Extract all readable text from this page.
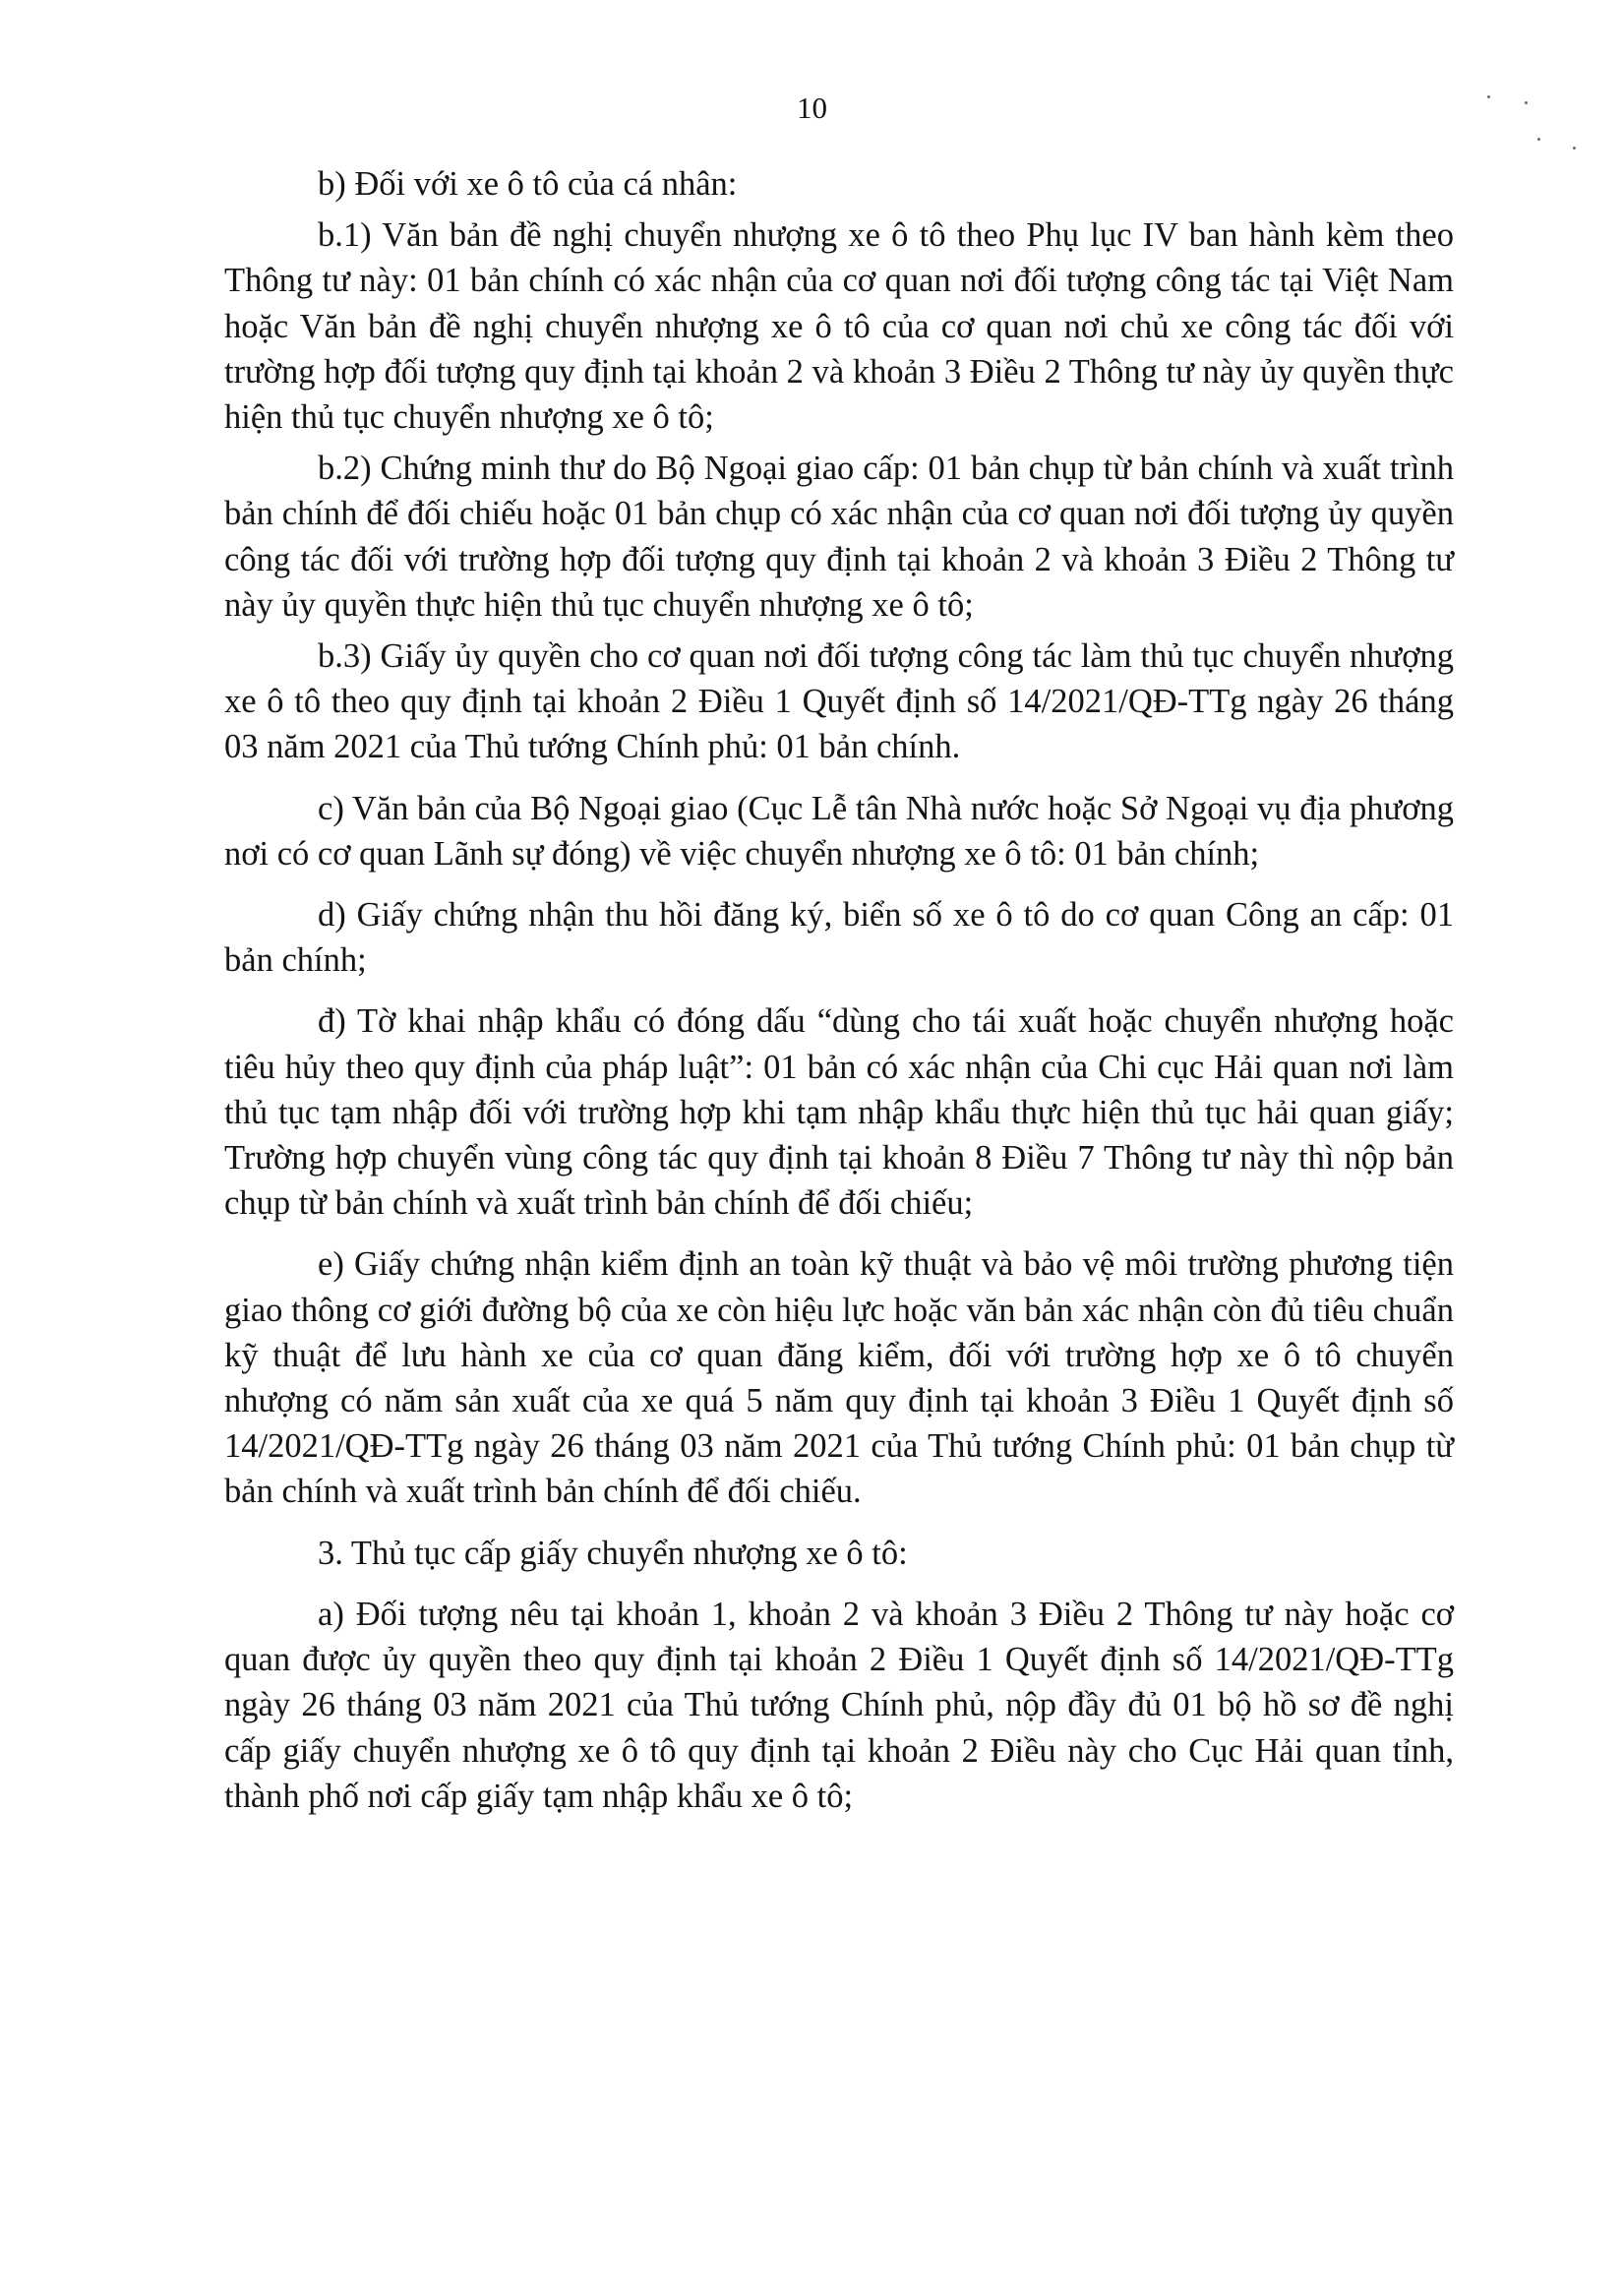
10

b) Đối với xe ô tô của cá nhân:

b.1) Văn bản đề nghị chuyển nhượng xe ô tô theo Phụ lục IV ban hành kèm theo Thông tư này: 01 bản chính có xác nhận của cơ quan nơi đối tượng công tác tại Việt Nam hoặc Văn bản đề nghị chuyển nhượng xe ô tô của cơ quan nơi chủ xe công tác đối với trường hợp đối tượng quy định tại khoản 2 và khoản 3 Điều 2 Thông tư này ủy quyền thực hiện thủ tục chuyển nhượng xe ô tô;

b.2) Chứng minh thư do Bộ Ngoại giao cấp: 01 bản chụp từ bản chính và xuất trình bản chính để đối chiếu hoặc 01 bản chụp có xác nhận của cơ quan nơi đối tượng ủy quyền công tác đối với trường hợp đối tượng quy định tại khoản 2 và khoản 3 Điều 2 Thông tư này ủy quyền thực hiện thủ tục chuyển nhượng xe ô tô;

b.3) Giấy ủy quyền cho cơ quan nơi đối tượng công tác làm thủ tục chuyển nhượng xe ô tô theo quy định tại khoản 2 Điều 1 Quyết định số 14/2021/QĐ-TTg ngày 26 tháng 03 năm 2021 của Thủ tướng Chính phủ: 01 bản chính.

c) Văn bản của Bộ Ngoại giao (Cục Lễ tân Nhà nước hoặc Sở Ngoại vụ địa phương nơi có cơ quan Lãnh sự đóng) về việc chuyển nhượng xe ô tô: 01 bản chính;

d) Giấy chứng nhận thu hồi đăng ký, biển số xe ô tô do cơ quan Công an cấp: 01 bản chính;

đ) Tờ khai nhập khẩu có đóng dấu “dùng cho tái xuất hoặc chuyển nhượng hoặc tiêu hủy theo quy định của pháp luật”: 01 bản có xác nhận của Chi cục Hải quan nơi làm thủ tục tạm nhập đối với trường hợp khi tạm nhập khẩu thực hiện thủ tục hải quan giấy; Trường hợp chuyển vùng công tác quy định tại khoản 8 Điều 7 Thông tư này thì nộp bản chụp từ bản chính và xuất trình bản chính để đối chiếu;

e) Giấy chứng nhận kiểm định an toàn kỹ thuật và bảo vệ môi trường phương tiện giao thông cơ giới đường bộ của xe còn hiệu lực hoặc văn bản xác nhận còn đủ tiêu chuẩn kỹ thuật để lưu hành xe của cơ quan đăng kiểm, đối với trường hợp xe ô tô chuyển nhượng có năm sản xuất của xe quá 5 năm quy định tại khoản 3 Điều 1 Quyết định số 14/2021/QĐ-TTg ngày 26 tháng 03 năm 2021 của Thủ tướng Chính phủ: 01 bản chụp từ bản chính và xuất trình bản chính để đối chiếu.

3. Thủ tục cấp giấy chuyển nhượng xe ô tô:

a) Đối tượng nêu tại khoản 1, khoản 2 và khoản 3 Điều 2 Thông tư này hoặc cơ quan được ủy quyền theo quy định tại khoản 2 Điều 1 Quyết định số 14/2021/QĐ-TTg ngày 26 tháng 03 năm 2021 của Thủ tướng Chính phủ, nộp đầy đủ 01 bộ hồ sơ đề nghị cấp giấy chuyển nhượng xe ô tô quy định tại khoản 2 Điều này cho Cục Hải quan tỉnh, thành phố nơi cấp giấy tạm nhập khẩu xe ô tô;
